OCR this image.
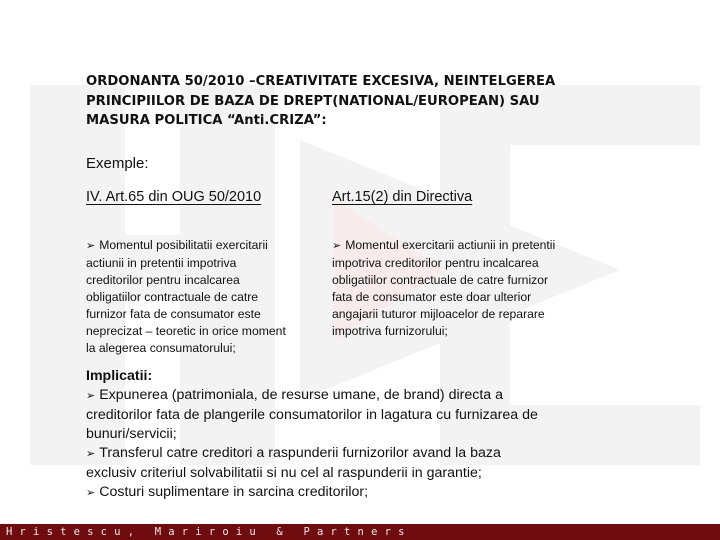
ORDONANTA 50/2010 –CREATIVITATE EXCESIVA, NEINTELGEREA
PRINCIPIILOR DE BAZA DE DREPT(NATIONAL/EUROPEAN) SAU
MASURA POLITICA “Anti.CRIZA”:
Exemple:
IV. Art.65 din OUG 50/2010	Art.15(2) din Directiva

➢ Momentul posibilitatii exercitarii

actiunii in pretentii impotriva

creditorilor pentru incalcarea

obligatiilor contractuale de catre

furnizor fata de consumator este

neprecizat – teoretic in orice moment

la alegerea consumatorului;

➢ Momentul exercitarii actiunii in pretentii

impotriva creditorilor pentru incalcarea

obligatiilor contractuale de catre furnizor

fata de consumator este doar ulterior

angajarii tuturor mijloacelor de reparare

impotriva furnizorului;

Implicatii:

➢ Expunerea (patrimoniala, de resurse umane, de brand) directa a

creditorilor fata de plangerile consumatorilor in lagatura cu furnizarea de

bunuri/servicii;

➢ Transferul catre creditori a raspunderii furnizorilor avand la baza

exclusiv criteriul solvabilitatii si nu cel al raspunderii in garantie;

➢ Costuri suplimentare in sarcina creditorilor;

Hristescu, Mariroiu & Partners
